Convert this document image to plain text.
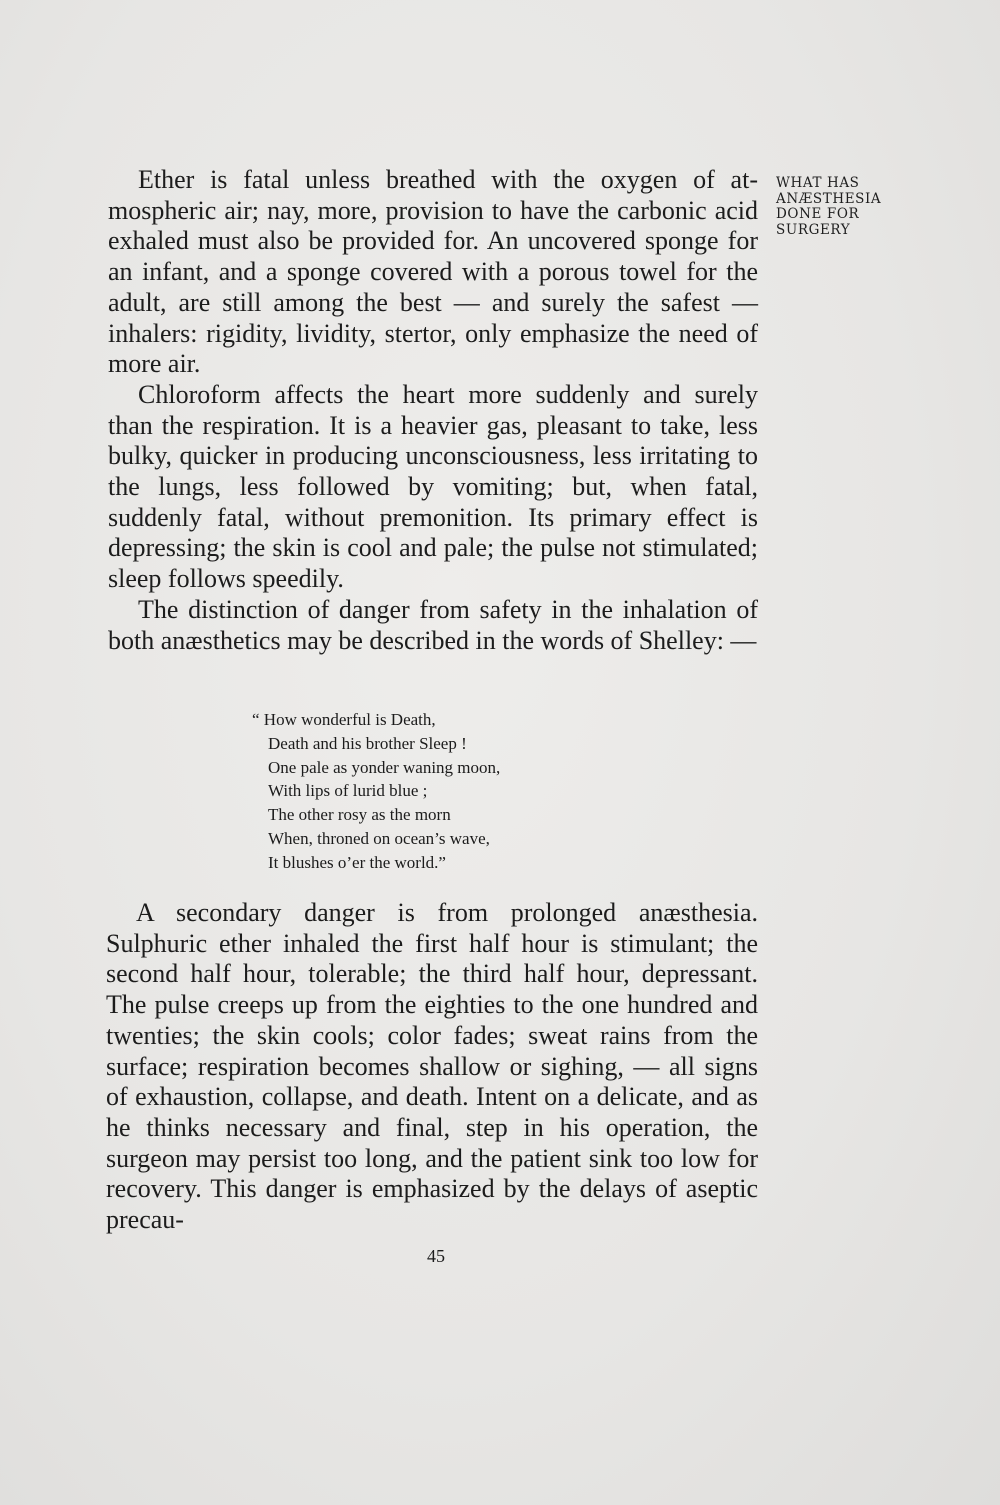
WHAT HAS
ANÆSTHESIA
DONE FOR
SURGERY

Ether is fatal unless breathed with the oxygen of atmospheric air; nay, more, provision to have the carbonic acid exhaled must also be provided for. An uncovered sponge for an infant, and a sponge covered with a porous towel for the adult, are still among the best — and surely the safest — inhalers: rigidity, lividity, stertor, only emphasize the need of more air.

Chloroform affects the heart more suddenly and surely than the respiration. It is a heavier gas, pleasant to take, less bulky, quicker in producing unconsciousness, less irritating to the lungs, less followed by vomiting; but, when fatal, suddenly fatal, without premonition. Its primary effect is depressing; the skin is cool and pale; the pulse not stimulated; sleep follows speedily.

The distinction of danger from safety in the inhalation of both anæsthetics may be described in the words of Shelley: —

“ How wonderful is Death,
Death and his brother Sleep !
One pale as yonder waning moon,
With lips of lurid blue ;
The other rosy as the morn
When, throned on ocean’s wave,
It blushes o’er the world.”

A secondary danger is from prolonged anæsthesia. Sulphuric ether inhaled the first half hour is stimulant; the second half hour, tolerable; the third half hour, depressant. The pulse creeps up from the eighties to the one hundred and twenties; the skin cools; color fades; sweat rains from the surface; respiration becomes shallow or sighing, — all signs of exhaustion, collapse, and death. Intent on a delicate, and as he thinks necessary and final, step in his operation, the surgeon may persist too long, and the patient sink too low for recovery. This danger is emphasized by the delays of aseptic precau-

45
